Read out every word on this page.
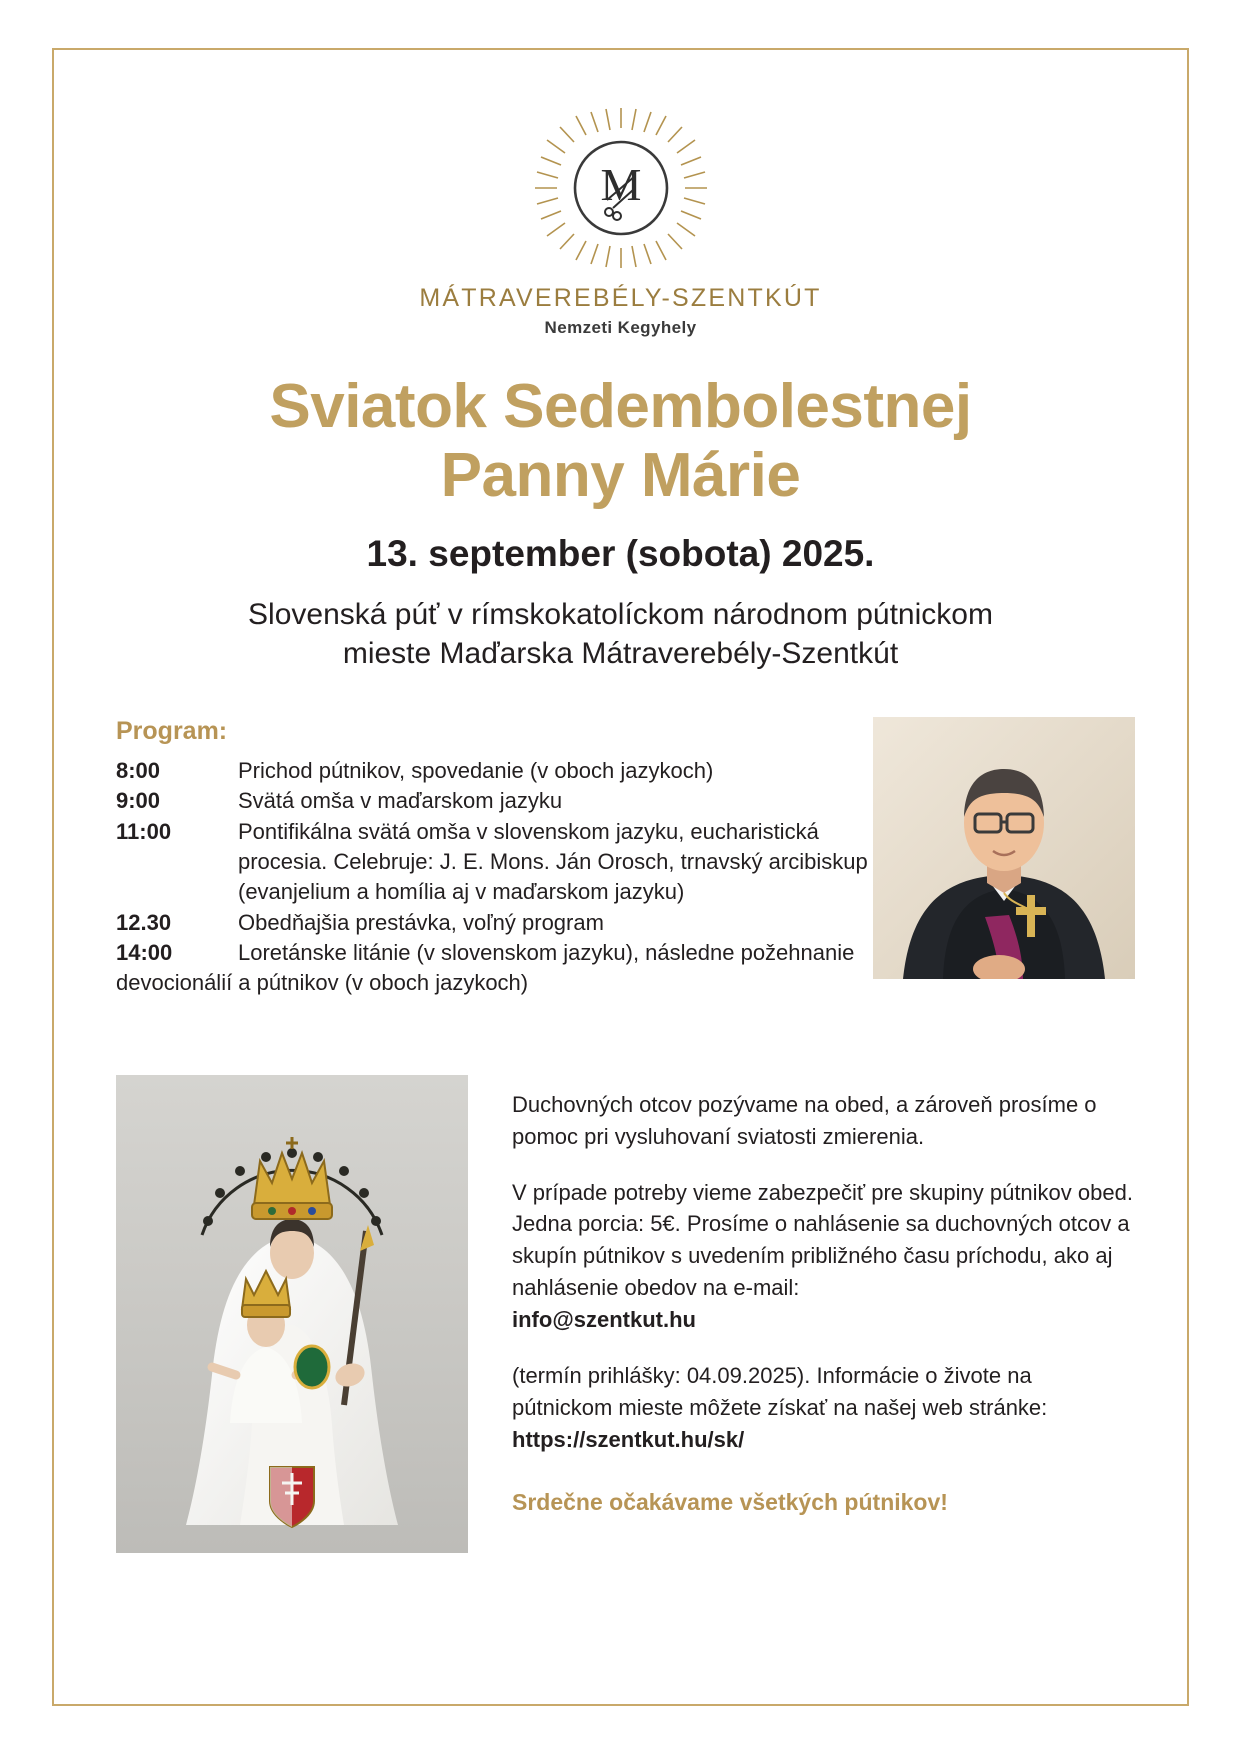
M
MÁTRAVEREBÉLY-SZENTKÚT
Nemzeti Kegyhely
Sviatok Sedembolestnej
Panny Márie
13. september (sobota) 2025.
Slovenská púť v rímskokatolíckom národnom pútnickom
mieste Maďarska Mátraverebély-Szentkút
Program:
8:00	Prichod pútnikov, spovedanie (v oboch jazykoch)
9:00	Svätá omša v maďarskom jazyku
11:00	Pontifikálna svätá omša v slovenskom jazyku, eucharistická
procesia. Celebruje: J. E. Mons. Ján Orosch, trnavský arcibiskup
(evanjelium a homília aj v maďarskom jazyku)
12.30	Obedňajšia prestávka, voľný program
14:00	Loretánske litánie (v slovenskom jazyku), následne požehnanie
devocionálií a pútnikov (v oboch jazykoch)

Duchovných otcov pozývame na obed, a zároveň prosíme o pomoc pri vysluhovaní sviatosti zmierenia.

V prípade potreby vieme zabezpečiť pre skupiny pútnikov obed. Jedna porcia: 5€. Prosíme o nahlásenie sa duchovných otcov a skupín pútnikov s uvedením približného času príchodu, ako aj nahlásenie obedov na e-mail:
info@szentkut.hu

(termín prihlášky: 04.09.2025). Informácie o živote na pútnickom mieste môžete získať na našej web stránke:
https://szentkut.hu/sk/

Srdečne očakávame všetkých pútnikov!
